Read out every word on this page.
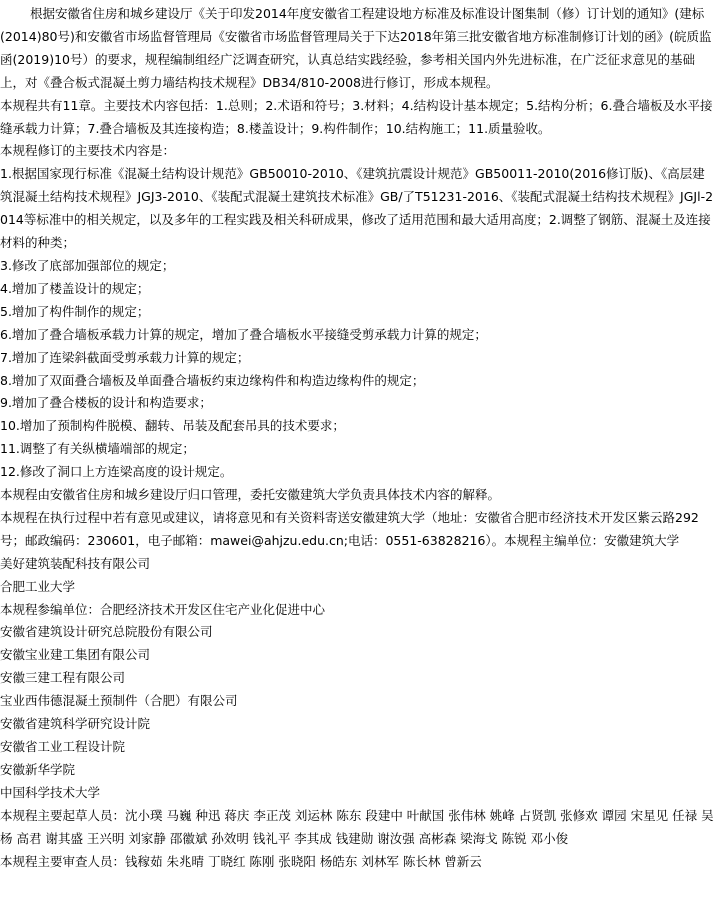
根据安徽省住房和城乡建设厅《关于印发2014年度安徽省工程建设地方标准及标准设计图集制（修）订计划的通知》(建标(2014)80号)和安徽省市场监督管理局《安徽省市场监督管理局关于下达2018年第三批安徽省地方标准制修订计划的函》(皖质监函(2019)10号）的要求，规程编制组经广泛调查研究，认真总结实践经验，参考相关国内外先进标准，在广泛征求意见的基础上，对《叠合板式混凝土剪力墙结构技术规程》DB34/810-2008进行修订，形成本规程。

本规程共有11章。主要技术内容包括：1.总则；2.术语和符号；3.材料；4.结构设计基本规定；5.结构分析；6.叠合墙板及水平接缝承载力计算；7.叠合墙板及其连接构造；8.楼盖设计；9.构件制作；10.结构施工；11.质量验收。

本规程修订的主要技术内容是：

1.根据国家现行标准《混凝土结构设计规范》GB50010-2010、《建筑抗震设计规范》GB50011-2010(2016修订版)、《高层建筑混凝土结构技术规程》JGJ3-2010、《装配式混凝土建筑技术标准》GB/了T51231-2016、《装配式混凝土结构技术规程》JGJl-2014等标准中的相关规定，以及多年的工程实践及相关科研成果，修改了适用范围和最大适用高度；2.调整了钢筋、混凝土及连接材料的种类；

3.修改了底部加强部位的规定；

4.增加了楼盖设计的规定；

5.增加了构件制作的规定；

6.增加了叠合墙板承载力计算的规定，增加了叠合墙板水平接缝受剪承载力计算的规定；

7.增加了连梁斜截面受剪承载力计算的规定；

8.增加了双面叠合墙板及单面叠合墙板约束边缘构件和构造边缘构件的规定；

9.增加了叠合楼板的设计和构造要求；

10.增加了预制构件脱模、翻转、吊装及配套吊具的技术要求；

11.调整了有关纵横墙端部的规定；

12.修改了洞口上方连梁高度的设计规定。

本规程由安徽省住房和城乡建设厅归口管理，委托安徽建筑大学负责具体技术内容的解释。

本规程在执行过程中若有意见或建议，请将意见和有关资料寄送安徽建筑大学（地址：安徽省合肥市经济技术开发区紫云路292号；邮政编码：230601，电子邮箱：mawei@ahjzu.edu.cn;电话：0551-63828216）。本规程主编单位：安徽建筑大学

美好建筑装配科技有限公司

合肥工业大学

本规程参编单位：合肥经济技术开发区住宅产业化促进中心

安徽省建筑设计研究总院股份有限公司

安徽宝业建工集团有限公司

安徽三建工程有限公司

宝业西伟德混凝土预制件（合肥）有限公司

安徽省建筑科学研究设计院

安徽省工业工程设计院

安徽新华学院

中国科学技术大学

本规程主要起草人员：沈小璞 马巍 种迅 蒋庆 李正茂 刘运林 陈东 段建中 叶献国 张伟林 姚峰 占贤凯 张修欢 谭园 宋星见 任禄 吴杨 高君 谢其盛 王兴明 刘家静 邵徽斌 孙效明 钱礼平 李其成 钱建勋 谢汝强 高彬森 梁海戈 陈锐 邓小俊

本规程主要审查人员：钱稼茹 朱兆晴 丁晓红 陈刚 张晓阳 杨皓东 刘林军 陈长林 曾新云
